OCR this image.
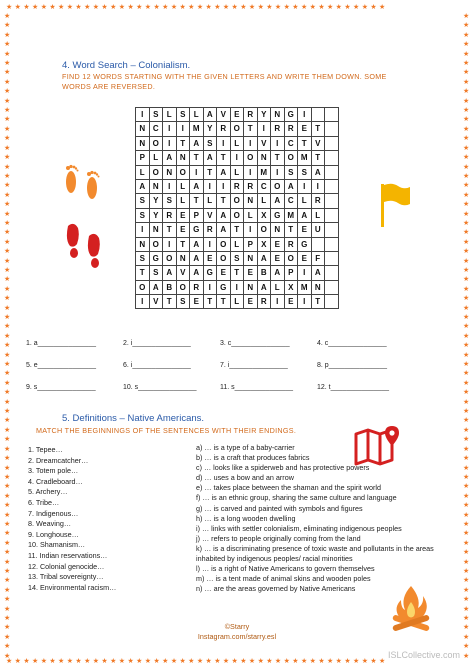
★★★★★★★★★★★★★★★★★★★★★★★★★★★★★★★★★★★★★★★★★★★★
★★★★★★★★★★★★★★★★★★★★★★★★★★★★★★★★★★★★★★★★★★★★
★★★★★★★★★★★★★★★★★★★★★★★★★★★★★★★★★★★★★★★★★★★★★★★★★★★★★★★★★★★★★★★★★★★★★
★★★★★★★★★★★★★★★★★★★★★★★★★★★★★★★★★★★★★★★★★★★★★★★★★★★★★★★★★★★★★★★★★★★★★
4. Word Search – Colonialism.
FIND 12 WORDS STARTING WITH THE GIVEN LETTERS AND WRITE THEM DOWN. SOME WORDS ARE REVERSED.
I	S	L	S	L	A V	E R Y N G	I
N C	I	I	M Y R O T	I	R R E	T
N O	I	T	A S	I	L	I	V	I	C	T	V
P	L	A N	T	A	T	I	O N	T O M T
L O N O	I	T	A	L	I	M	I	S	S A
A N	I	L	A	I	I	R R C O A	I	I
S	Y	S	L	T	L	T O N	L	A C	L	R
S	Y R E	P	V A O L	X G M A	L
I	N	T	E G R A	T	I	O N	T	E U
N O	I	T	A	I	O L	P	X	E R G
S G O N A E O S N A E O E	F
T	S A V A G E	T	E B A P	I	A
O A B O R	I	G	I	N A	L	X M N
I	V	T	S	E	T	T	L	E R	I	E	I	T
1. a_______________	2. i_______________	3. c_______________	4. c_______________
5. e_______________	6. i_______________	7. i_______________	8. p_______________
9. s_______________	10. s_______________	11. s_______________	12. t_______________
5. Definitions – Native Americans.
MATCH THE BEGINNINGS OF THE SENTENCES WITH THEIR ENDINGS.
1. Tepee…
2. Dreamcatcher…
3. Totem pole…
4. Cradleboard…
5. Archery…
6. Tribe…
7. Indigenous…
8. Weaving…
9. Longhouse…
10. Shamanism…
11. Indian reservations…
12. Colonial genocide…
13. Tribal sovereignty…
14. Environmental racism…
a) … is a type of a baby-carrier
b) … is a craft that produces fabrics
c) … looks like a spiderweb and has protective powers
d) … uses a bow and an arrow
e) … takes place between the shaman and the spirit world
f) … is an ethnic group, sharing the same culture and language
g) … is carved and painted with symbols and figures
h) … is a long wooden dwelling
i) … links with settler colonialism, eliminating indigenous peoples
j) … refers to people originally coming from the land
k) … is a discriminating presence of toxic waste and pollutants in the areas inhabited by indigenous peoples/ racial minorities
l) … is a right of Native Americans to govern themselves
m) … is a tent made of animal skins and wooden poles
n) … are the areas governed by Native Americans
©Starry
Instagram.com/starry.esl
ISLCollective.com
